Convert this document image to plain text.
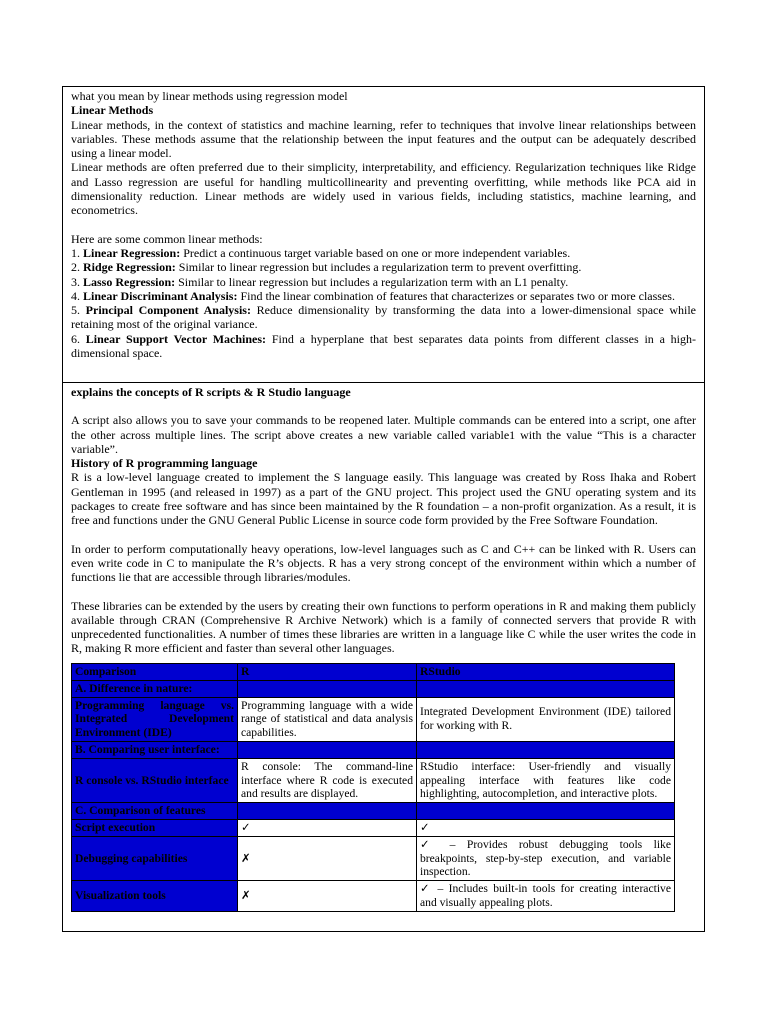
what you mean by linear methods using regression model

Linear Methods

Linear methods, in the context of statistics and machine learning, refer to techniques that involve linear relationships between variables. These methods assume that the relationship between the input features and the output can be adequately described using a linear model.

Linear methods are often preferred due to their simplicity, interpretability, and efficiency. Regularization techniques like Ridge and Lasso regression are useful for handling multicollinearity and preventing overfitting, while methods like PCA aid in dimensionality reduction. Linear methods are widely used in various fields, including statistics, machine learning, and econometrics.

Here are some common linear methods:

1. Linear Regression: Predict a continuous target variable based on one or more independent variables.

2. Ridge Regression: Similar to linear regression but includes a regularization term to prevent overfitting.

3. Lasso Regression: Similar to linear regression but includes a regularization term with an L1 penalty.

4. Linear Discriminant Analysis: Find the linear combination of features that characterizes or separates two or more classes.

5. Principal Component Analysis: Reduce dimensionality by transforming the data into a lower-dimensional space while retaining most of the original variance.

6. Linear Support Vector Machines: Find a hyperplane that best separates data points from different classes in a high-dimensional space.

explains the concepts of R scripts & R Studio language

A script also allows you to save your commands to be reopened later. Multiple commands can be entered into a script, one after the other across multiple lines. The script above creates a new variable called variable1 with the value “This is a character variable”.

History of R programming language

R is a low-level language created to implement the S language easily. This language was created by Ross Ihaka and Robert Gentleman in 1995 (and released in 1997) as a part of the GNU project. This project used the GNU operating system and its packages to create free software and has since been maintained by the R foundation – a non-profit organization. As a result, it is free and functions under the GNU General Public License in source code form provided by the Free Software Foundation.

In order to perform computationally heavy operations, low-level languages such as C and C++ can be linked with R. Users can even write code in C to manipulate the R’s objects. R has a very strong concept of the environment within which a number of functions lie that are accessible through libraries/modules.

These libraries can be extended by the users by creating their own functions to perform operations in R and making them publicly available through CRAN (Comprehensive R Archive Network) which is a family of connected servers that provide R with unprecedented functionalities. A number of times these libraries are written in a language like C while the user writes the code in R, making R more efficient and faster than several other languages.

Comparison	R	RStudio
A. Difference in nature:		
Programming language vs. Integrated Development Environment (IDE)	Programming language with a wide range of statistical and data analysis capabilities.	Integrated Development Environment (IDE) tailored for working with R.
B. Comparing user interface:		
R console vs. RStudio interface	R console: The command-line interface where R code is executed and results are displayed.	RStudio interface: User-friendly and visually appealing interface with features like code highlighting, autocompletion, and interactive plots.
C. Comparison of features		
Script execution	✓	✓
Debugging capabilities	✗	✓ – Provides robust debugging tools like breakpoints, step-by-step execution, and variable inspection.
Visualization tools	✗	✓ – Includes built-in tools for creating interactive and visually appealing plots.
